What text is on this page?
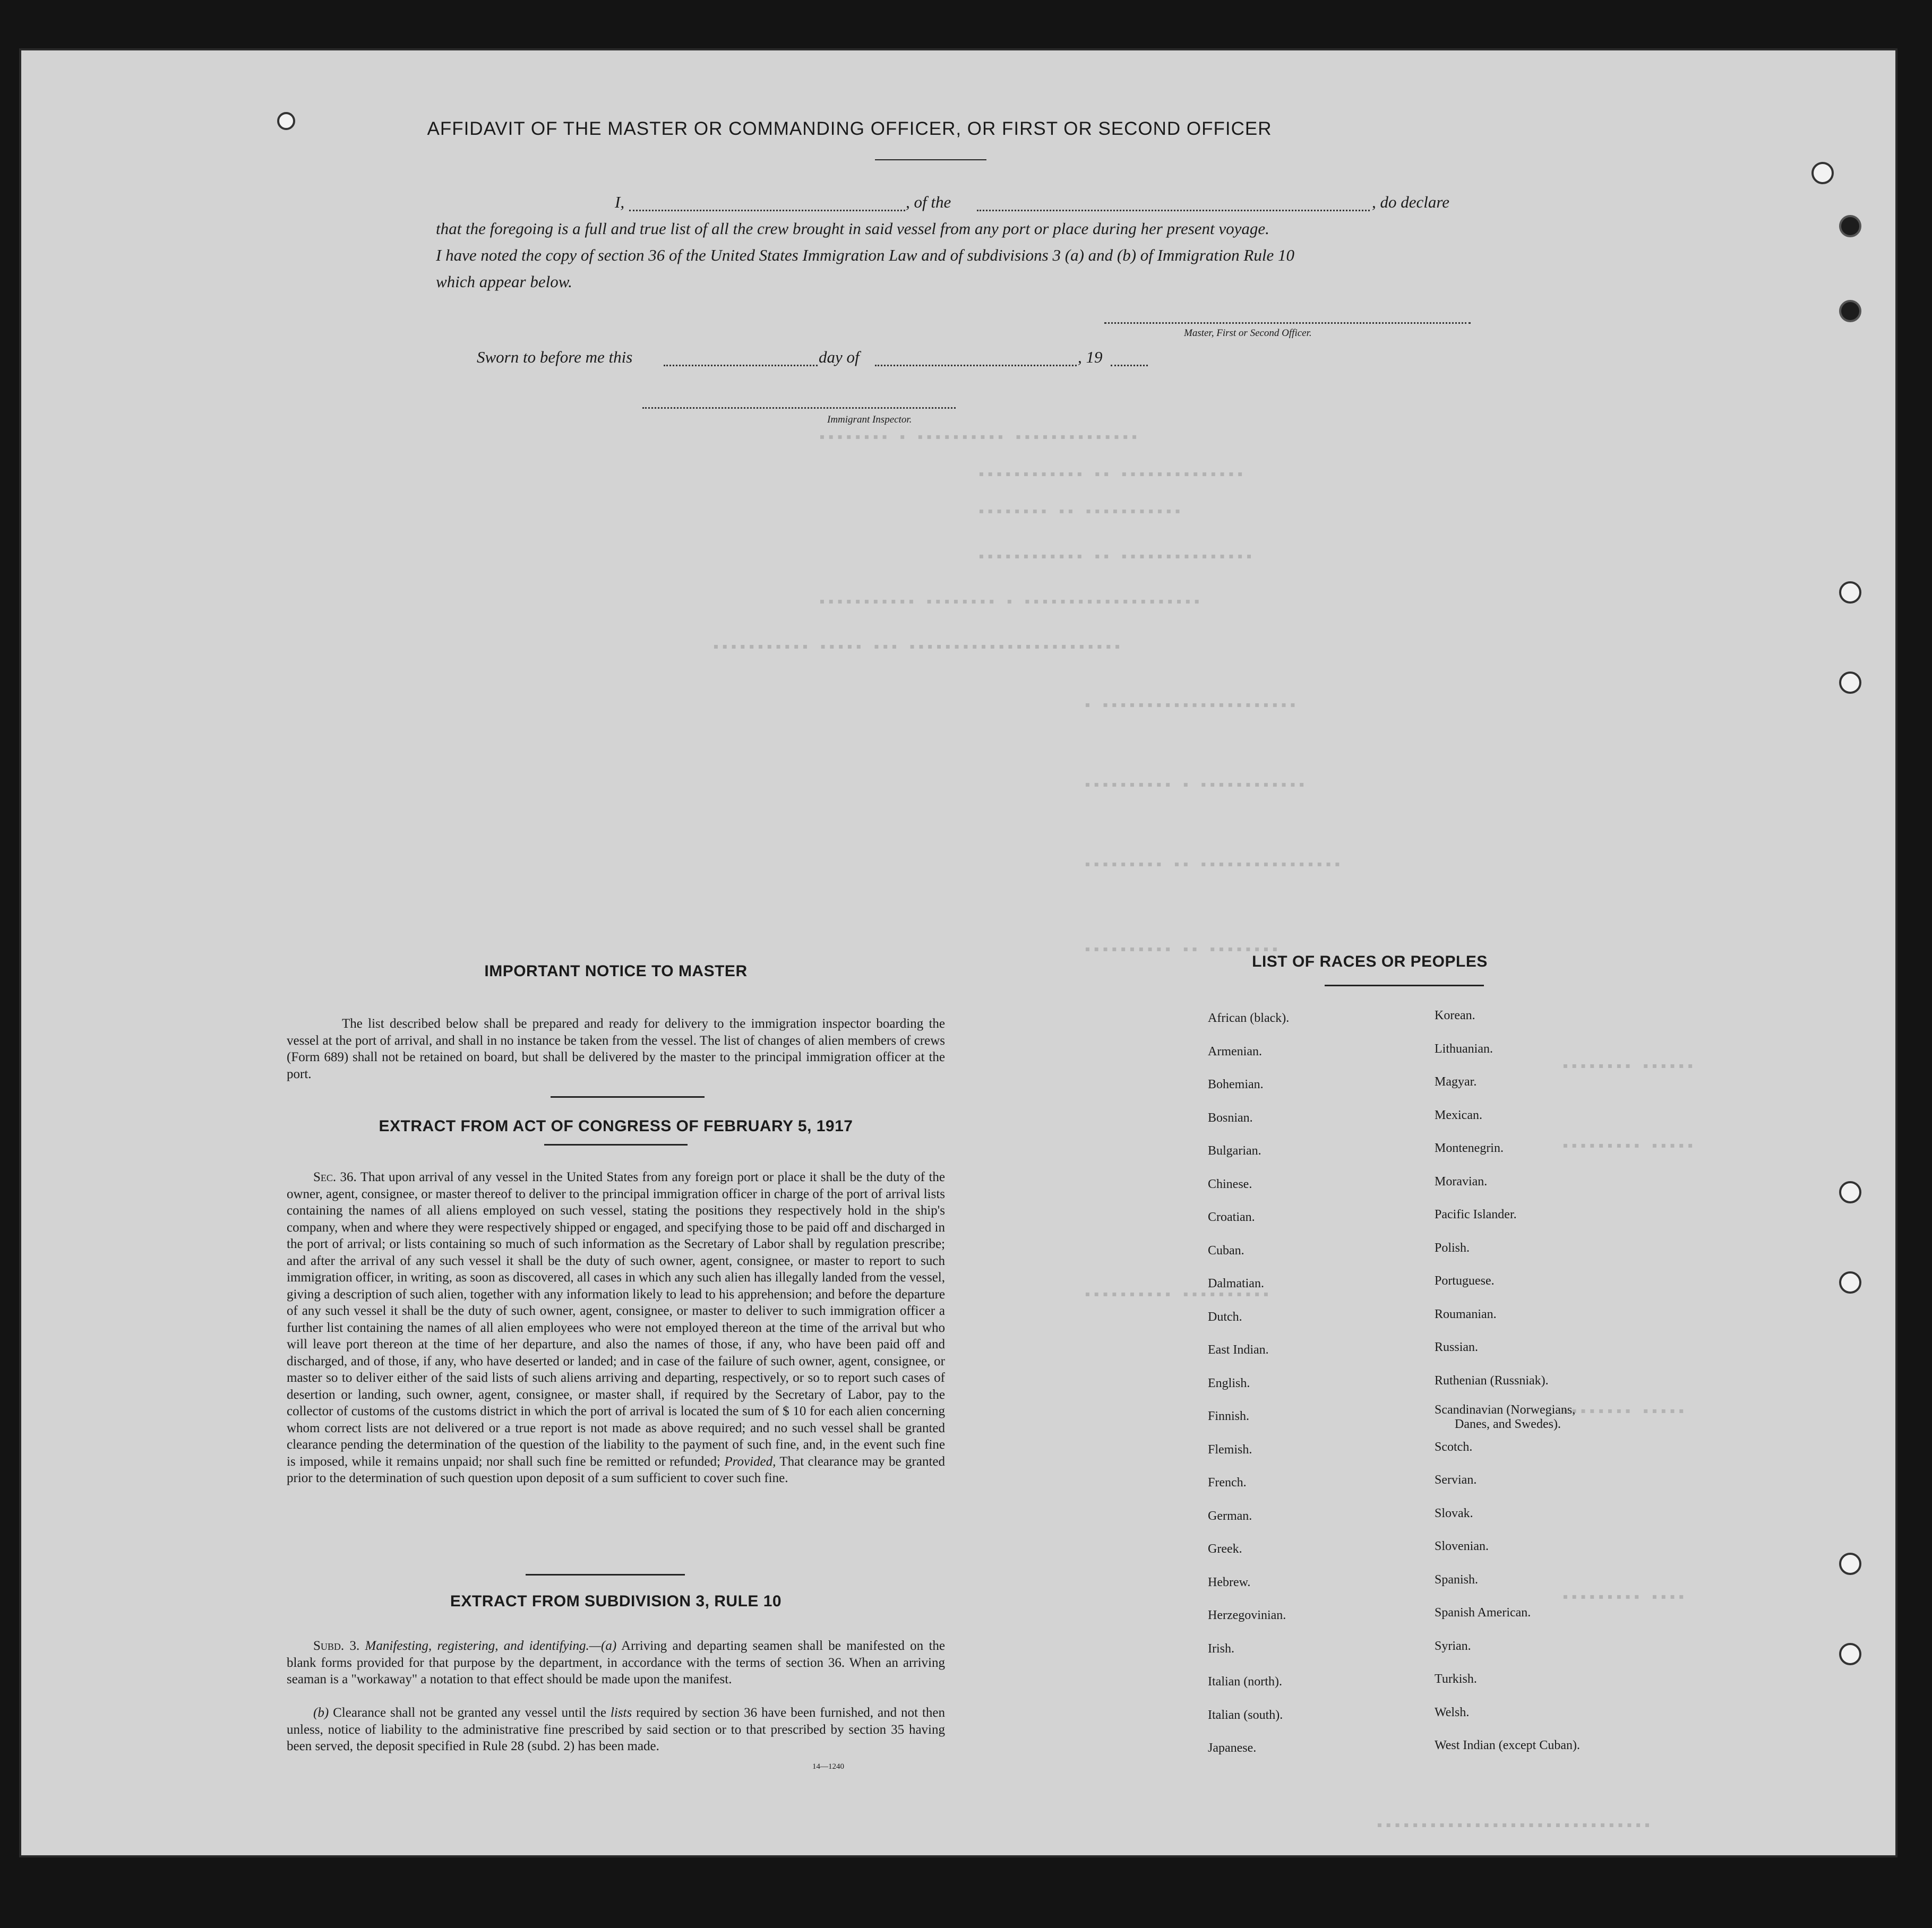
▪▪▪▪▪▪▪▪ ▪ ▪▪▪▪▪▪▪▪▪▪ ▪▪▪▪▪▪▪▪▪▪▪▪▪▪
▪▪▪▪▪▪▪▪▪▪▪▪ ▪▪ ▪▪▪▪▪▪▪▪▪▪▪▪▪▪
▪▪▪▪▪▪▪▪ ▪▪ ▪▪▪▪▪▪▪▪▪▪▪
▪▪▪▪▪▪▪▪▪▪▪▪ ▪▪ ▪▪▪▪▪▪▪▪▪▪▪▪▪▪▪
▪▪▪▪▪▪▪▪▪▪▪ ▪▪▪▪▪▪▪▪ ▪ ▪▪▪▪▪▪▪▪▪▪▪▪▪▪▪▪▪▪▪▪
▪▪▪▪▪▪▪▪▪▪▪ ▪▪▪▪▪ ▪▪▪ ▪▪▪▪▪▪▪▪▪▪▪▪▪▪▪▪▪▪▪▪▪▪▪▪
▪ ▪▪▪▪▪▪▪▪▪▪▪▪▪▪▪▪▪▪▪▪▪▪
▪▪▪▪▪▪▪▪▪▪ ▪ ▪▪▪▪▪▪▪▪▪▪▪▪
▪▪▪▪▪▪▪▪▪ ▪▪ ▪▪▪▪▪▪▪▪▪▪▪▪▪▪▪▪
▪▪▪▪▪▪▪▪▪▪ ▪▪ ▪▪▪▪▪▪▪▪
▪▪▪▪▪▪▪▪ ▪▪▪▪▪▪
▪▪▪▪▪▪▪▪▪ ▪▪▪▪▪
▪▪▪▪▪▪▪▪▪▪ ▪▪▪▪▪▪▪▪▪▪
▪▪▪▪▪▪▪▪ ▪▪▪▪▪
▪▪▪▪▪▪▪▪▪ ▪▪▪▪
▪▪▪▪▪▪▪▪▪▪▪▪▪▪▪▪▪▪▪▪▪▪▪▪▪▪▪▪▪▪▪
AFFIDAVIT OF THE MASTER OR COMMANDING OFFICER, OR FIRST OR SECOND OFFICER
I,	, of the	, do declare
that the foregoing is a full and true list of all the crew brought in said vessel from any port or place during her present voyage.
I have noted the copy of section 36 of the United States Immigration Law and of subdivisions 3 (a) and (b) of Immigration Rule 10
which appear below.
Master, First or Second Officer.
Sworn to before me this	day of	, 19
Immigrant Inspector.
IMPORTANT NOTICE TO MASTER
The list described below shall be prepared and ready for delivery to the immigration inspector boarding the vessel at the port of arrival, and shall in no instance be taken from the vessel. The list of changes of alien members of crews (Form 689) shall not be retained on board, but shall be delivered by the master to the principal immigration officer at the port.
EXTRACT FROM ACT OF CONGRESS OF FEBRUARY 5, 1917
Sec. 36. That upon arrival of any vessel in the United States from any foreign port or place it shall be the duty of the owner, agent, consignee, or master thereof to deliver to the principal immigration officer in charge of the port of arrival lists containing the names of all aliens employed on such vessel, stating the positions they respectively hold in the ship's company, when and where they were respectively shipped or engaged, and specifying those to be paid off and discharged in the port of arrival; or lists containing so much of such information as the Secretary of Labor shall by regulation prescribe; and after the arrival of any such vessel it shall be the duty of such owner, agent, consignee, or master to report to such immigration officer, in writing, as soon as discovered, all cases in which any such alien has illegally landed from the vessel, giving a description of such alien, together with any information likely to lead to his apprehension; and before the departure of any such vessel it shall be the duty of such owner, agent, consignee, or master to deliver to such immigration officer a further list containing the names of all alien employees who were not employed thereon at the time of the arrival but who will leave port thereon at the time of her departure, and also the names of those, if any, who have been paid off and discharged, and of those, if any, who have deserted or landed; and in case of the failure of such owner, agent, consignee, or master so to deliver either of the said lists of such aliens arriving and departing, respectively, or so to report such cases of desertion or landing, such owner, agent, consignee, or master shall, if required by the Secretary of Labor, pay to the collector of customs of the customs district in which the port of arrival is located the sum of $ 10 for each alien concerning whom correct lists are not delivered or a true report is not made as above required; and no such vessel shall be granted clearance pending the determination of the question of the liability to the payment of such fine, and, in the event such fine is imposed, while it remains unpaid; nor shall such fine be remitted or refunded; Provided, That clearance may be granted prior to the determination of such question upon deposit of a sum sufficient to cover such fine.
EXTRACT FROM SUBDIVISION 3, RULE 10
Subd. 3. Manifesting, registering, and identifying.—(a) Arriving and departing seamen shall be manifested on the blank forms provided for that purpose by the department, in accordance with the terms of section 36. When an arriving seaman is a "workaway" a notation to that effect should be made upon the manifest.
(b) Clearance shall not be granted any vessel until the lists required by section 36 have been furnished, and not then unless, notice of liability to the administrative fine prescribed by said section or to that prescribed by section 35 having been served, the deposit specified in Rule 28 (subd. 2) has been made.
14—1240
LIST OF RACES OR PEOPLES
African (black).
Armenian.
Bohemian.
Bosnian.
Bulgarian.
Chinese.
Croatian.
Cuban.
Dalmatian.
Dutch.
East Indian.
English.
Finnish.
Flemish.
French.
German.
Greek.
Hebrew.
Herzegovinian.
Irish.
Italian (north).
Italian (south).
Japanese.
Korean.
Lithuanian.
Magyar.
Mexican.
Montenegrin.
Moravian.
Pacific Islander.
Polish.
Portuguese.
Roumanian.
Russian.
Ruthenian (Russniak).
Scandinavian (Norwegians,
Danes, and Swedes).
Scotch.
Servian.
Slovak.
Slovenian.
Spanish.
Spanish American.
Syrian.
Turkish.
Welsh.
West Indian (except Cuban).
